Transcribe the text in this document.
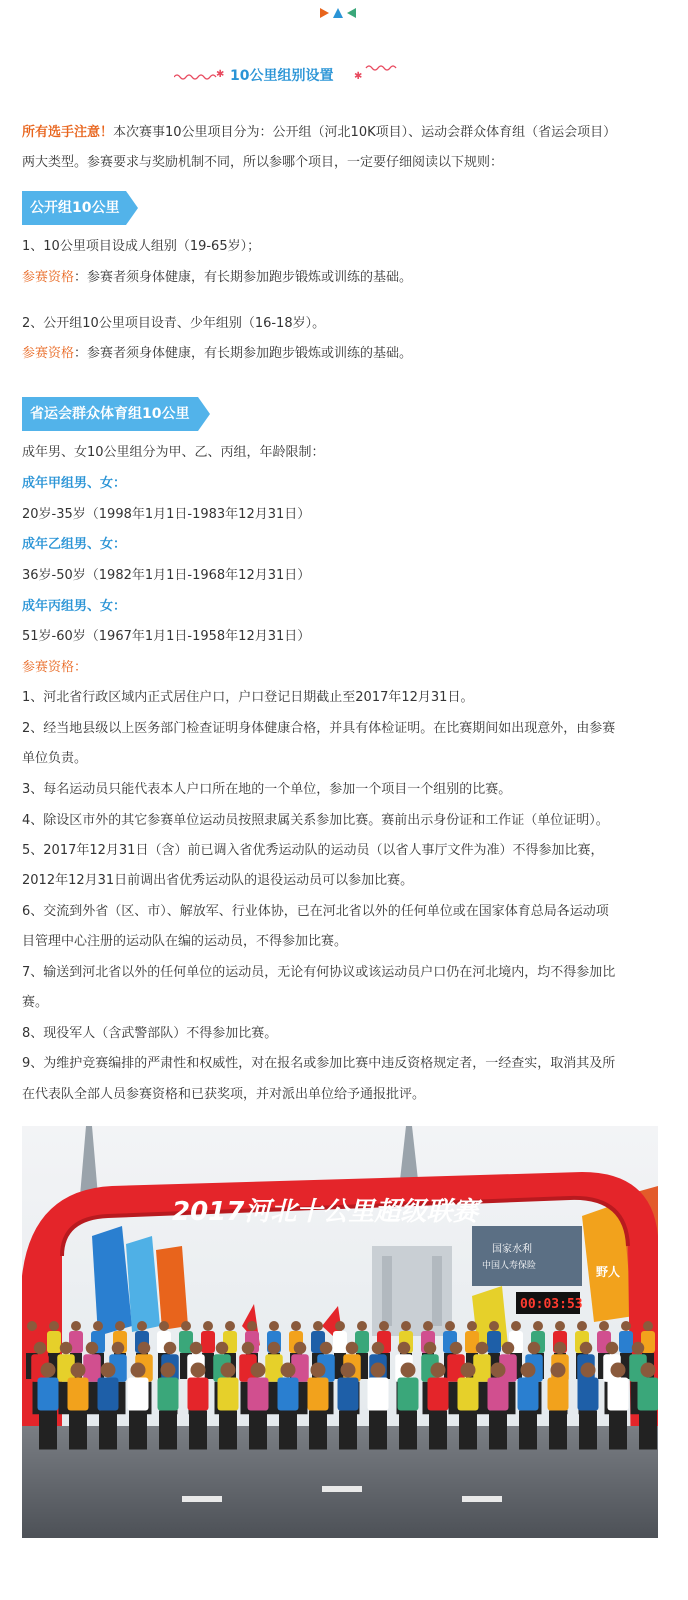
✱ 10公里组别设置 ✱
所有选手注意！本次赛事10公里项目分为：公开组（河北10K项目）、运动会群众体育组（省运会项目）
两大类型。参赛要求与奖励机制不同，所以参哪个项目，一定要仔细阅读以下规则：
公开组10公里
1、10公里项目设成人组别（19-65岁）；
参赛资格：参赛者须身体健康，有长期参加跑步锻炼或训练的基础。
2、公开组10公里项目设青、少年组别（16-18岁）。
参赛资格：参赛者须身体健康，有长期参加跑步锻炼或训练的基础。
省运会群众体育组10公里
成年男、女10公里组分为甲、乙、丙组，年龄限制：
成年甲组男、女：
20岁-35岁（1998年1月1日-1983年12月31日）
成年乙组男、女：
36岁-50岁（1982年1月1日-1968年12月31日）
成年丙组男、女：
51岁-60岁（1967年1月1日-1958年12月31日）
参赛资格：
1、河北省行政区域内正式居住户口，户口登记日期截止至2017年12月31日。
2、经当地县级以上医务部门检查证明身体健康合格，并具有体检证明。在比赛期间如出现意外，由参赛
单位负责。
3、每名运动员只能代表本人户口所在地的一个单位，参加一个项目一个组别的比赛。
4、除设区市外的其它参赛单位运动员按照隶属关系参加比赛。赛前出示身份证和工作证（单位证明）。
5、2017年12月31日（含）前已调入省优秀运动队的运动员（以省人事厅文件为准）不得参加比赛，
2012年12月31日前调出省优秀运动队的退役运动员可以参加比赛。
6、交流到外省（区、市）、解放军、行业体协，已在河北省以外的任何单位或在国家体育总局各运动项
目管理中心注册的运动队在编的运动员，不得参加比赛。
7、输送到河北省以外的任何单位的运动员，无论有何协议或该运动员户口仍在河北境内，均不得参加比
赛。
8、现役军人（含武警部队）不得参加比赛。
9、为维护竞赛编排的严肃性和权威性，对在报名或参加比赛中违反资格规定者，一经查实，取消其及所
在代表队全部人员参赛资格和已获奖项，并对派出单位给予通报批评。
国家水利
中国人寿保险
2017河北十公里超级联赛
野人
00:03:53
